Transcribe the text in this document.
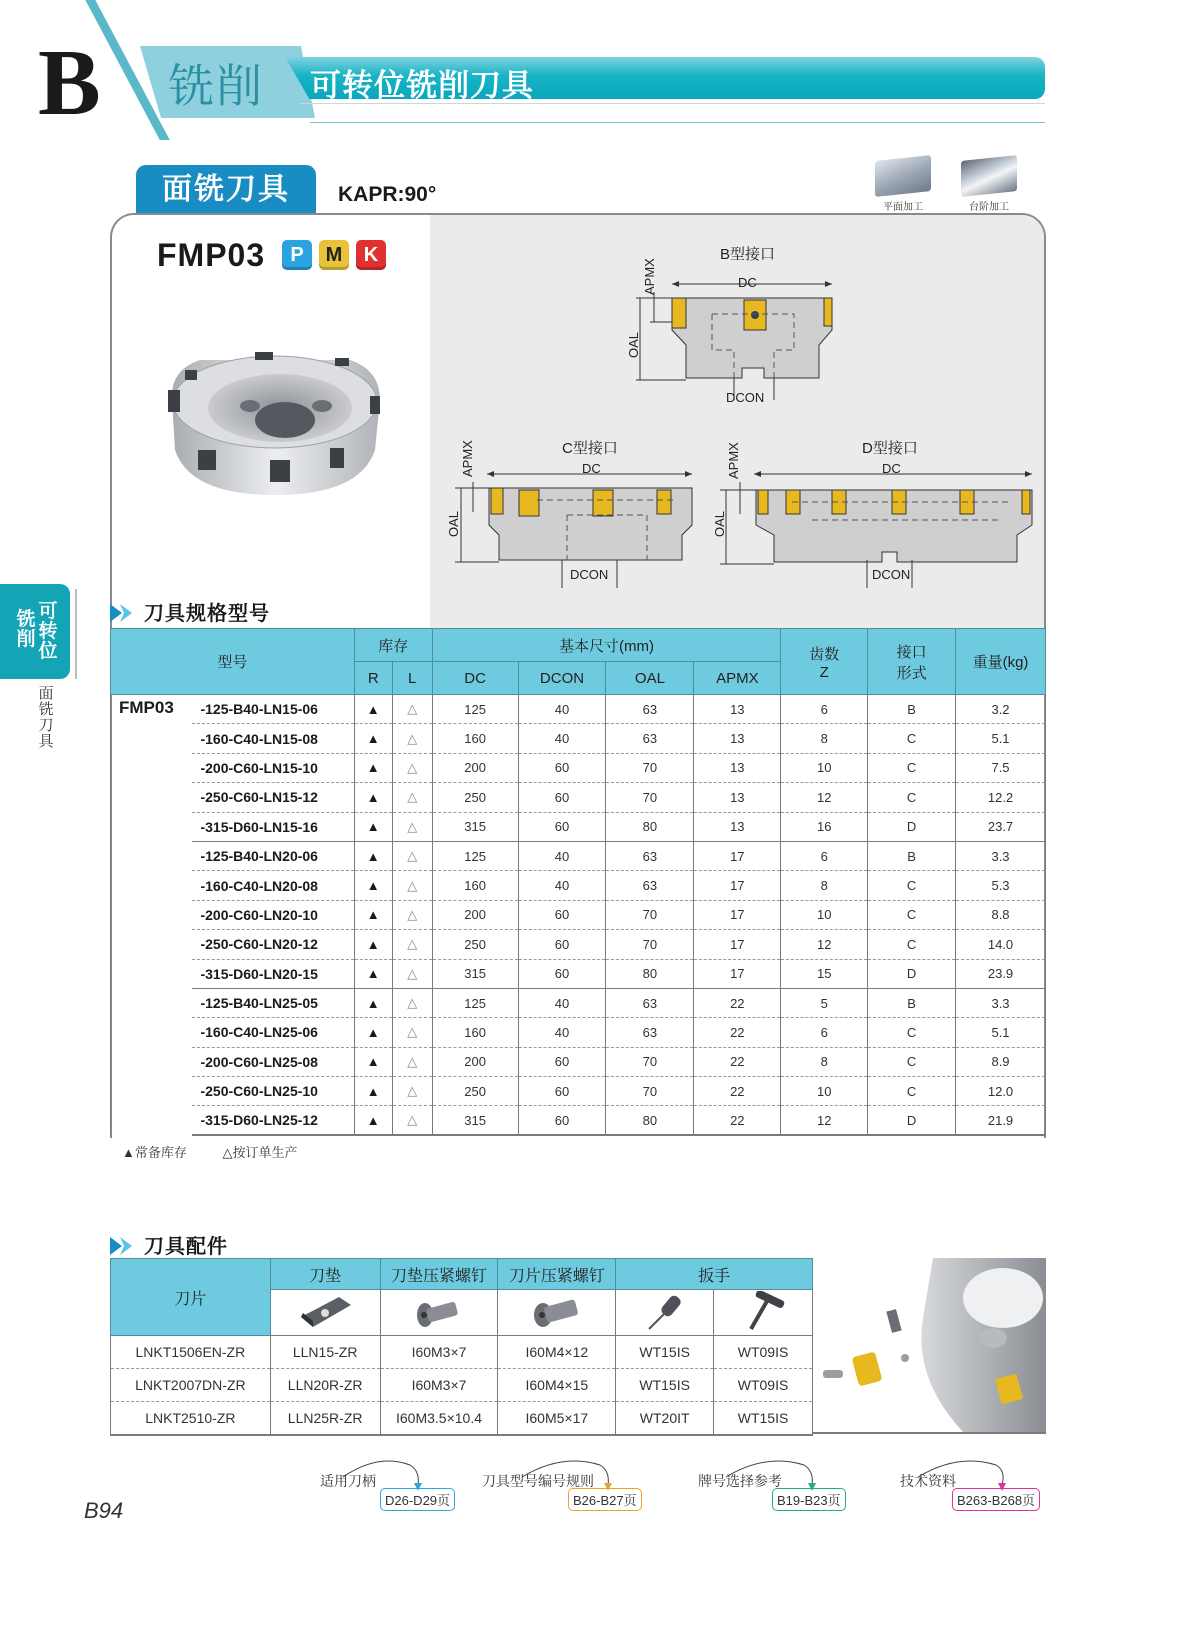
B 铣削 可转位铣削刀具
平面加工	台阶加工
面铣刀具	KAPR:90°
FMP03	P	M	K	B型接口
DC
DCON
OAL
APMX
C型接口
DC
DCON
OAL
APMX	D型接口
DC
DCON
OAL
APMX
刀具规格型号
型号	库存	基本尺寸(mm)	齿数
Z

接口
形式
	重量(kg)
		R	L	DC	DCON	OAL	APMX			
FMP03	-125-B40-LN15-06	▲	△	125	40	63	13	6	B	3.2
	-160-C40-LN15-08	▲	△	160	40	63	13	8	C	5.1
	-200-C60-LN15-10	▲	△	200	60	70	13	10	C	7.5
	-250-C60-LN15-12	▲	△	250	60	70	13	12	C	12.2
	-315-D60-LN15-16	▲	△	315	60	80	13	16	D	23.7
	-125-B40-LN20-06	▲	△	125	40	63	17	6	B	3.3
	-160-C40-LN20-08	▲	△	160	40	63	17	8	C	5.3
	-200-C60-LN20-10	▲	△	200	60	70	17	10	C	8.8
	-250-C60-LN20-12	▲	△	250	60	70	17	12	C	14.0
	-315-D60-LN20-15	▲	△	315	60	80	17	15	D	23.9
	-125-B40-LN25-05	▲	△	125	40	63	22	5	B	3.3
	-160-C40-LN25-06	▲	△	160	40	63	22	6	C	5.1
	-200-C60-LN25-08	▲	△	200	60	70	22	8	C	8.9
	-250-C60-LN25-10	▲	△	250	60	70	22	10	C	12.0
	-315-D60-LN25-12	▲	△	315	60	80	22	12	D	21.9
▲常备库存	△按订单生产
刀具配件
刀片	刀垫	刀垫压紧螺钉	刀片压紧螺钉	扳手	

LNKT1506EN-ZR	LLN15-ZR	I60M3×7	I60M4×12	WT15IS	WT09IS
LNKT2007DN-ZR	LLN20R-ZR	I60M3×7	I60M4×15	WT15IS	WT09IS
LNKT2510-ZR	LLN25R-ZR	I60M3.5×10.4	I60M5×17	WT20IT	WT15IS
可
转
位
铣
削
面
铣
刀
具
适用刀柄
D26-D29页
刀具型号编号规则
B26-B27页
牌号选择参考
B19-B23页
技术资料
B263-B268页
B94
